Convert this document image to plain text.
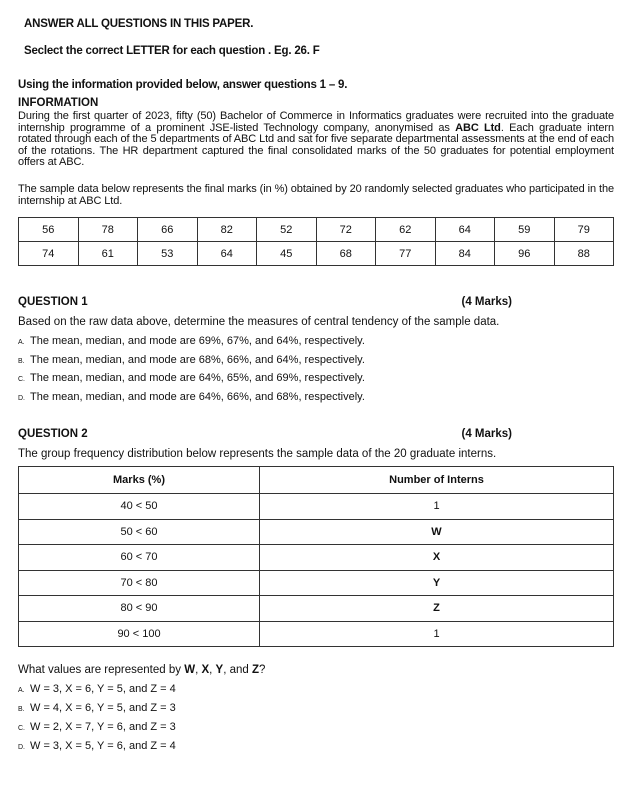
ANSWER ALL QUESTIONS IN THIS PAPER.
Seclect the correct LETTER for each question . Eg. 26. F
Using the information provided below, answer questions 1 – 9.
INFORMATION
During the first quarter of 2023, fifty (50) Bachelor of Commerce in Informatics graduates were recruited into the graduate internship programme of a prominent JSE-listed Technology company, anonymised as ABC Ltd. Each graduate intern rotated through each of the 5 departments of ABC Ltd and sat for five separate departmental assessments at the end of each of the rotations. The HR department captured the final consolidated marks of the 50 graduates for potential employment offers at ABC.
The sample data below represents the final marks (in %) obtained by 20 randomly selected graduates who participated in the internship at ABC Ltd.
56	78	66	82	52	72	62	64	59	79
74	61	53	64	45	68	77	84	96	88
QUESTION 1	(4 Marks)
Based on the raw data above, determine the measures of central tendency of the sample data.
A. The mean, median, and mode are 69%, 67%, and 64%, respectively.
B. The mean, median, and mode are 68%, 66%, and 64%, respectively.
C. The mean, median, and mode are 64%, 65%, and 69%, respectively.
D. The mean, median, and mode are 64%, 66%, and 68%, respectively.
QUESTION 2	(4 Marks)
The group frequency distribution below represents the sample data of the 20 graduate interns.
Marks (%)	Number of Interns
40 < 50	1
50 < 60	W
60 < 70	X
70 < 80	Y
80 < 90	Z
90 < 100	1
What values are represented by W, X, Y, and Z?
A. W = 3, X = 6, Y = 5, and Z = 4
B. W = 4, X = 6, Y = 5, and Z = 3
C. W = 2, X = 7, Y = 6, and Z = 3
D. W = 3, X = 5, Y = 6, and Z = 4
